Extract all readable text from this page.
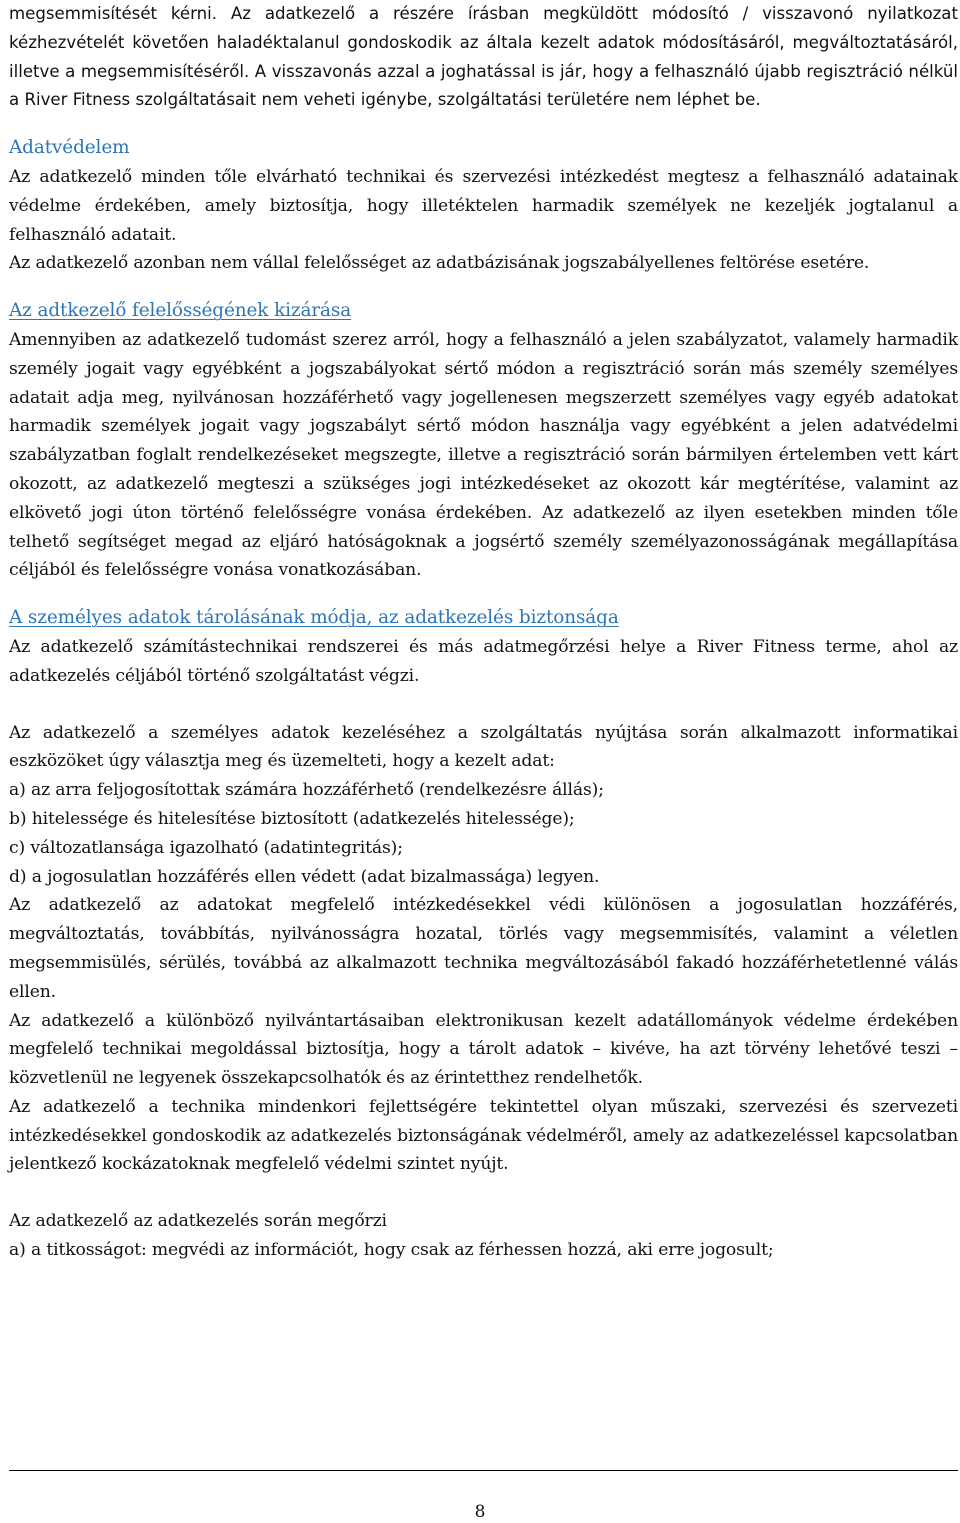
megsemmisítését kérni. Az adatkezelő a részére írásban megküldött módosító / visszavonó nyilatkozat kézhezvételét követően haladéktalanul gondoskodik az általa kezelt adatok módosításáról, megváltoztatásáról, illetve a megsemmisítéséről. A visszavonás azzal a joghatással is jár, hogy a felhasználó újabb regisztráció nélkül a River Fitness szolgáltatásait nem veheti igénybe, szolgáltatási területére nem léphet be.

Adatvédelem

Az adatkezelő minden tőle elvárható technikai és szervezési intézkedést megtesz a felhasználó adatainak védelme érdekében, amely biztosítja, hogy illetéktelen harmadik személyek ne kezeljék jogtalanul a felhasználó adatait.

Az adatkezelő azonban nem vállal felelősséget az adatbázisának jogszabályellenes feltörése esetére.

Az adtkezelő felelősségének kizárása

Amennyiben az adatkezelő tudomást szerez arról, hogy a felhasználó a jelen szabályzatot, valamely harmadik személy jogait vagy egyébként a jogszabályokat sértő módon a regisztráció során más személy személyes adatait adja meg, nyilvánosan hozzáférhető vagy jogellenesen megszerzett személyes vagy egyéb adatokat harmadik személyek jogait vagy jogszabályt sértő módon használja vagy egyébként a jelen adatvédelmi szabályzatban foglalt rendelkezéseket megszegte, illetve a regisztráció során bármilyen értelemben vett kárt okozott, az adatkezelő megteszi a szükséges jogi intézkedéseket az okozott kár megtérítése, valamint az elkövető jogi úton történő felelősségre vonása érdekében. Az adatkezelő az ilyen esetekben minden tőle telhető segítséget megad az eljáró hatóságoknak a jogsértő személy személyazonosságának megállapítása céljából és felelősségre vonása vonatkozásában.

A személyes adatok tárolásának módja, az adatkezelés biztonsága

Az adatkezelő számítástechnikai rendszerei és más adatmegőrzési helye a River Fitness terme, ahol az adatkezelés céljából történő szolgáltatást végzi.

Az adatkezelő a személyes adatok kezeléséhez a szolgáltatás nyújtása során alkalmazott informatikai eszközöket úgy választja meg és üzemelteti, hogy a kezelt adat:

a) az arra feljogosítottak számára hozzáférhető (rendelkezésre állás);
b) hitelessége és hitelesítése biztosított (adatkezelés hitelessége);
c) változatlansága igazolható (adatintegritás);
d) a jogosulatlan hozzáférés ellen védett (adat bizalmassága) legyen.

Az adatkezelő az adatokat megfelelő intézkedésekkel védi különösen a jogosulatlan hozzáférés, megváltoztatás, továbbítás, nyilvánosságra hozatal, törlés vagy megsemmisítés, valamint a véletlen megsemmisülés, sérülés, továbbá az alkalmazott technika megváltozásából fakadó hozzáférhetetlenné válás ellen.

Az adatkezelő a különböző nyilvántartásaiban elektronikusan kezelt adatállományok védelme érdekében megfelelő technikai megoldással biztosítja, hogy a tárolt adatok – kivéve, ha azt törvény lehetővé teszi – közvetlenül ne legyenek összekapcsolhatók és az érintetthez rendelhetők.

Az adatkezelő a technika mindenkori fejlettségére tekintettel olyan műszaki, szervezési és szervezeti intézkedésekkel gondoskodik az adatkezelés biztonságának védelméről, amely az adatkezeléssel kapcsolatban jelentkező kockázatoknak megfelelő védelmi szintet nyújt.

Az adatkezelő az adatkezelés során megőrzi

a) a titkosságot: megvédi az információt, hogy csak az férhessen hozzá, aki erre jogosult;

8
